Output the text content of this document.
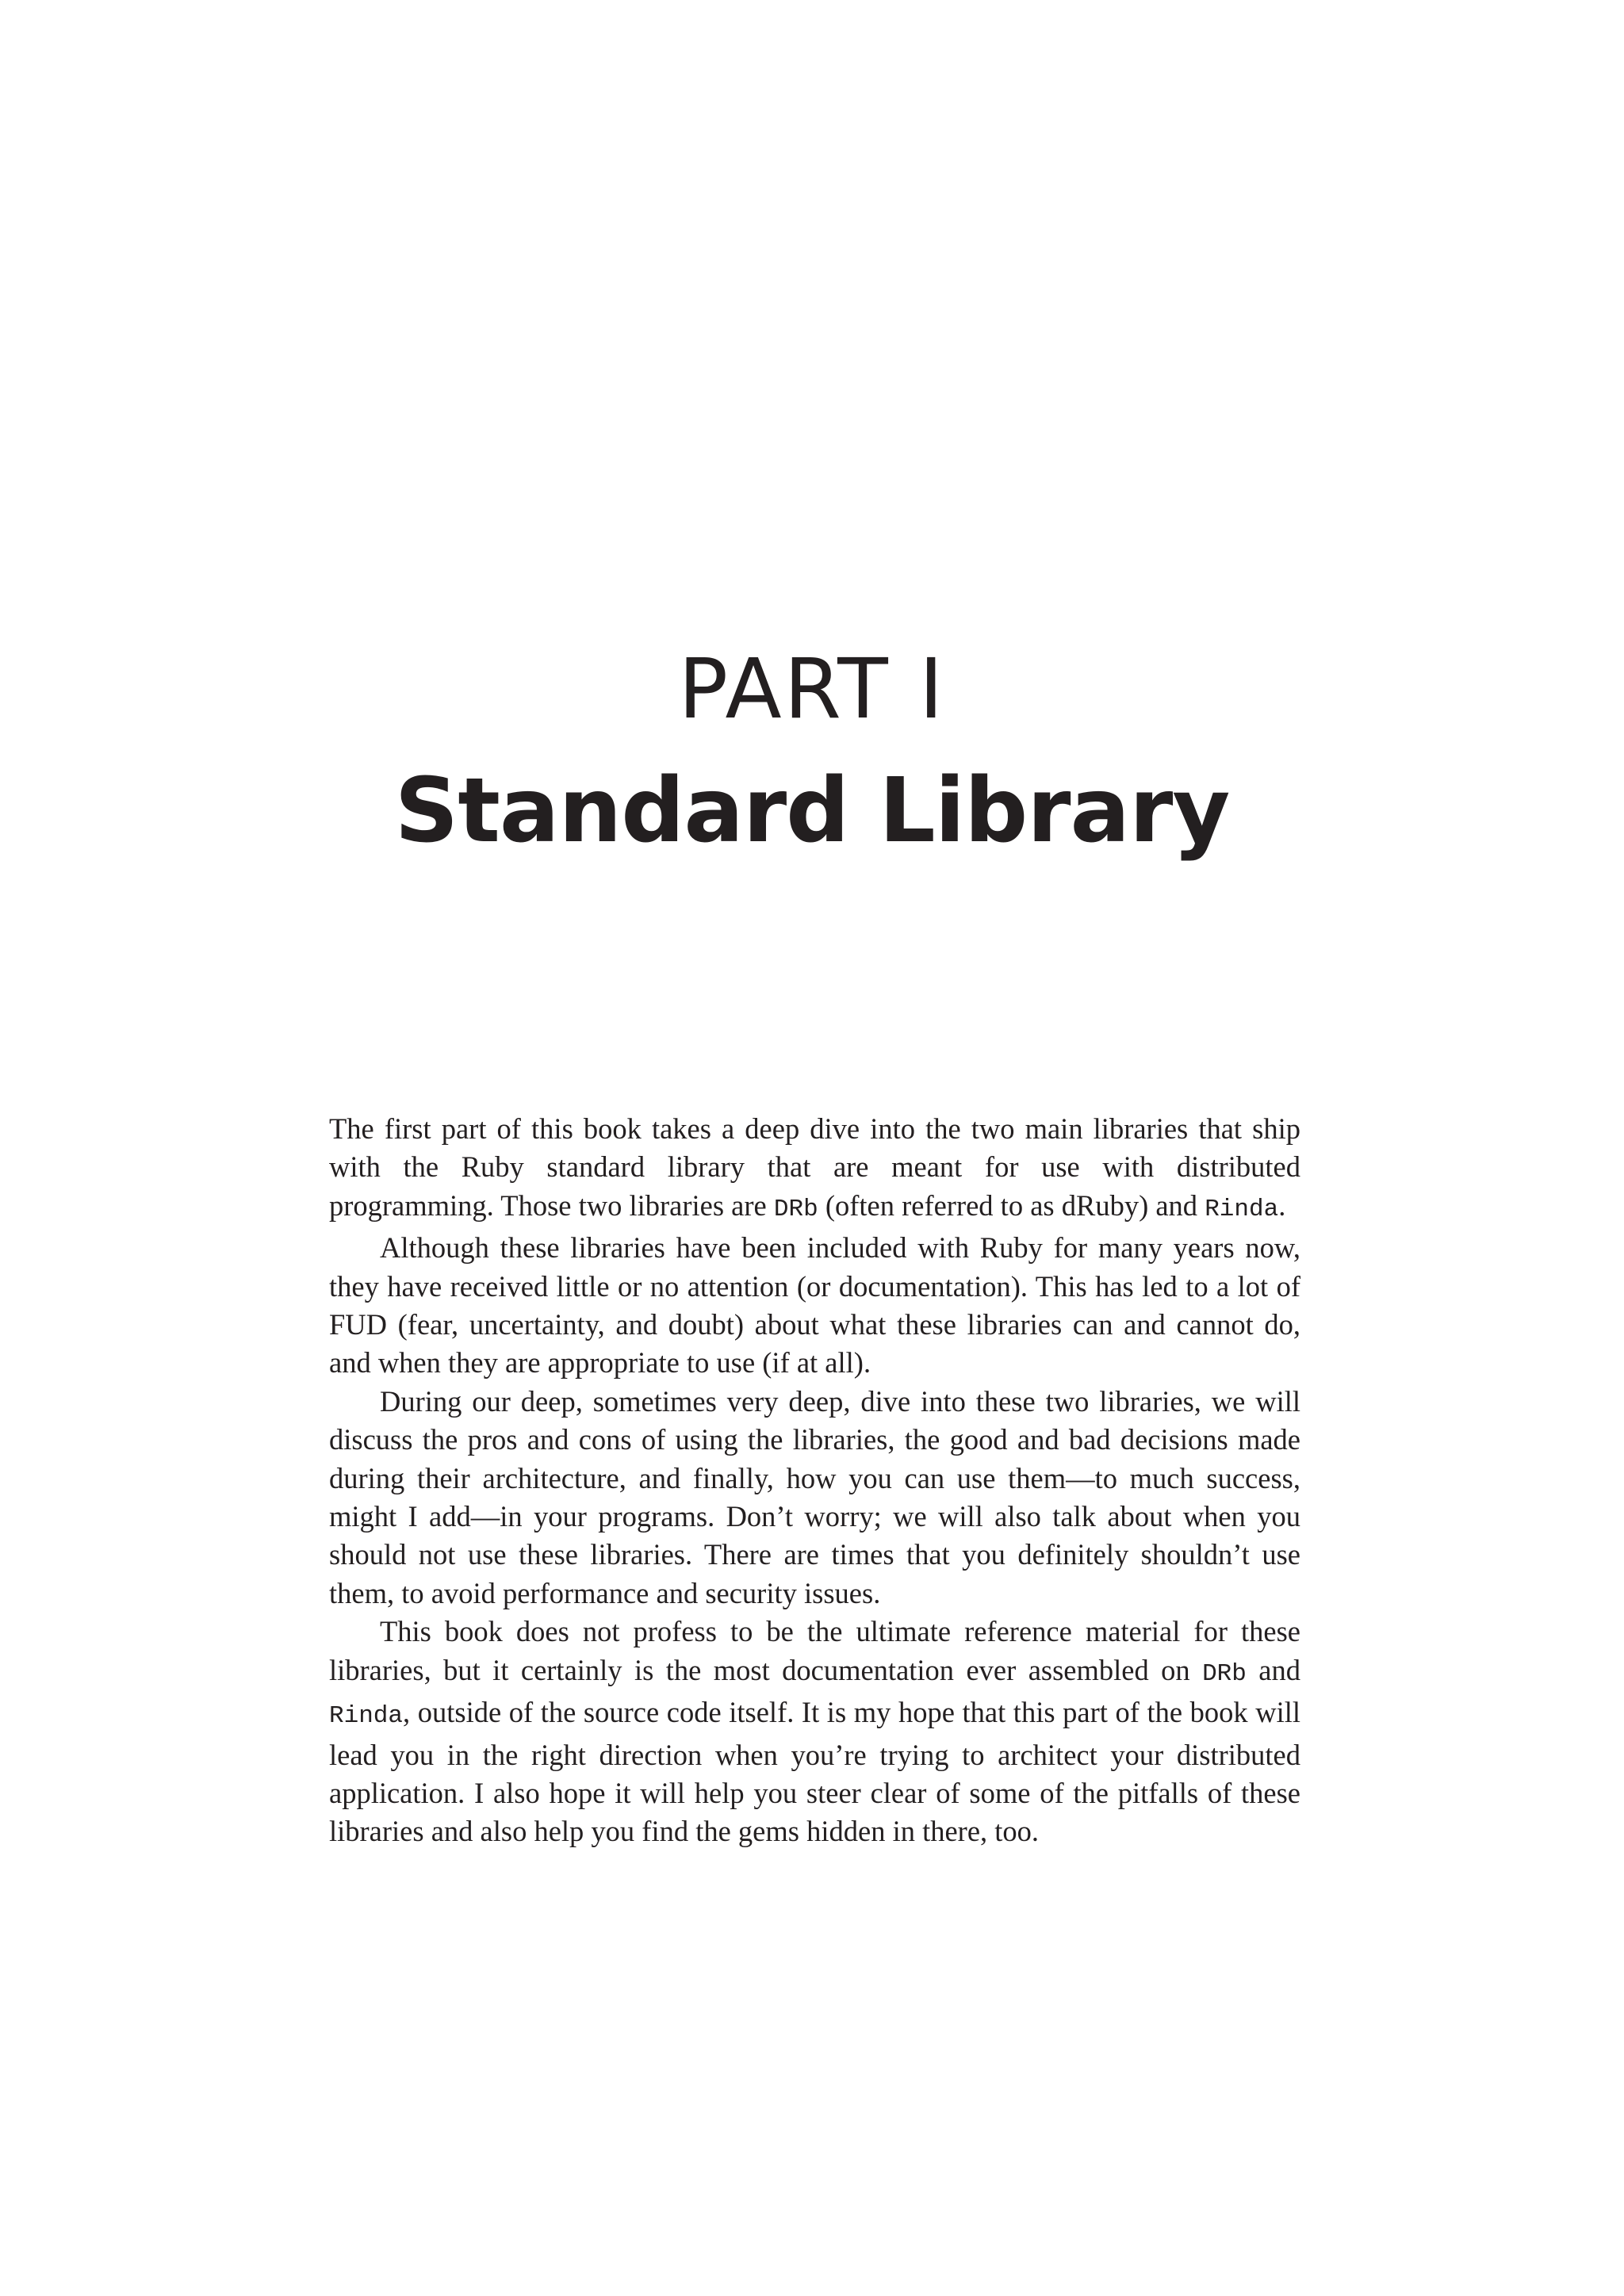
PART I
Standard Library

The first part of this book takes a deep dive into the two main libraries that ship with the Ruby standard library that are meant for use with distributed programming. Those two libraries are DRb (often referred to as dRuby) and Rinda.

Although these libraries have been included with Ruby for many years now, they have received little or no attention (or documentation). This has led to a lot of FUD (fear, uncertainty, and doubt) about what these libraries can and cannot do, and when they are appropriate to use (if at all).

During our deep, sometimes very deep, dive into these two libraries, we will discuss the pros and cons of using the libraries, the good and bad decisions made during their architecture, and finally, how you can use them—to much success, might I add—in your programs. Don’t worry; we will also talk about when you should not use these libraries. There are times that you definitely shouldn’t use them, to avoid performance and security issues.

This book does not profess to be the ultimate reference material for these libraries, but it certainly is the most documentation ever assembled on DRb and Rinda, outside of the source code itself. It is my hope that this part of the book will lead you in the right direction when you’re trying to architect your distributed application. I also hope it will help you steer clear of some of the pitfalls of these libraries and also help you find the gems hidden in there, too.
